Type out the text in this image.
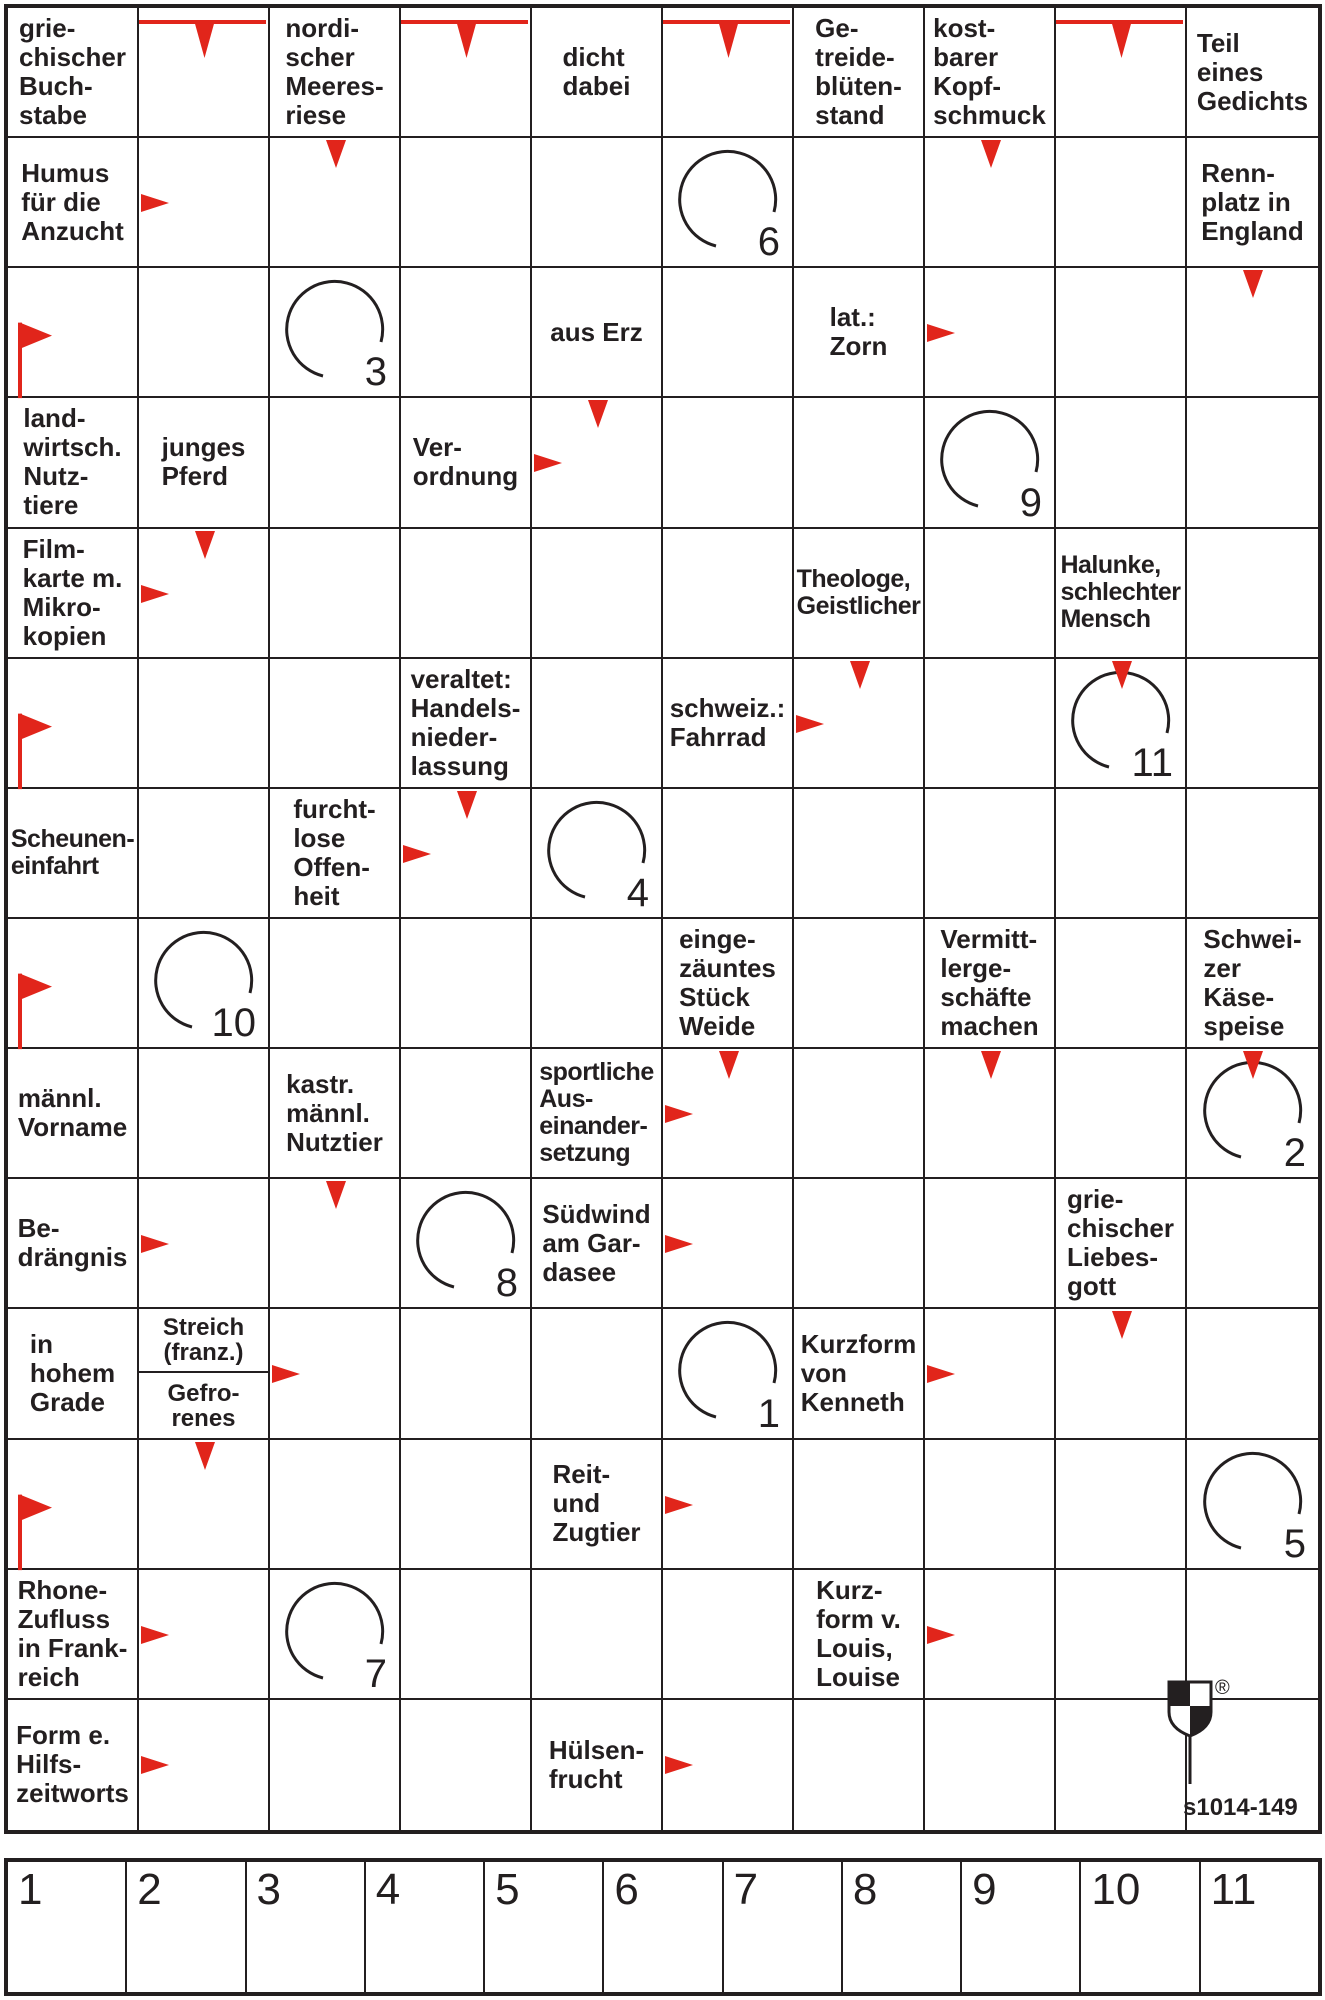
grie-
chischer
Buch-
stabe
nordi-
scher
Meeres-
riese
dicht
dabei
Ge-
treide-
blüten-
stand
kost-
barer
Kopf-
schmuck
Teil
eines
Gedichts
Humus
für die
Anzucht	6
Renn-
platz in
England
3
aus Erz	lat.:
Zorn
land-
wirtsch.
Nutz-
tiere
junges
Pferd
Ver-
ordnung
9
Film-
karte m.
Mikro-
kopien
Theologe,
Geistlicher
Halunke,
schlechter
Mensch
veraltet:
Handels-
nieder-
lassung
schweiz.:
Fahrrad
11
Scheunen-
einfahrt
furcht-
lose
Offen-
heit	4
10
einge-
zäuntes
Stück
Weide
Vermitt-
lerge-
schäfte
machen
Schwei-
zer
Käse-
speise
männl.
Vorname
kastr.
männl.
Nutztier
sportliche
Aus-
einander-
setzung	2
Be-
drängnis
8
Südwind
am Gar-
dasee
grie-
chischer
Liebes-
gott
in
hohem
Grade
Streich
(franz.)
Gefro-
renes	1
Kurzform
von
Kenneth
Reit-
und
Zugtier	5
Rhone-
Zufluss
in Frank-
reich	7
Kurz-
form v.
Louis,
Louise
Form e.
Hilfs-
zeitworts
Hülsen-
frucht
®
s1014-149
1 2 3 4 5 6 7 8 9 10 11
